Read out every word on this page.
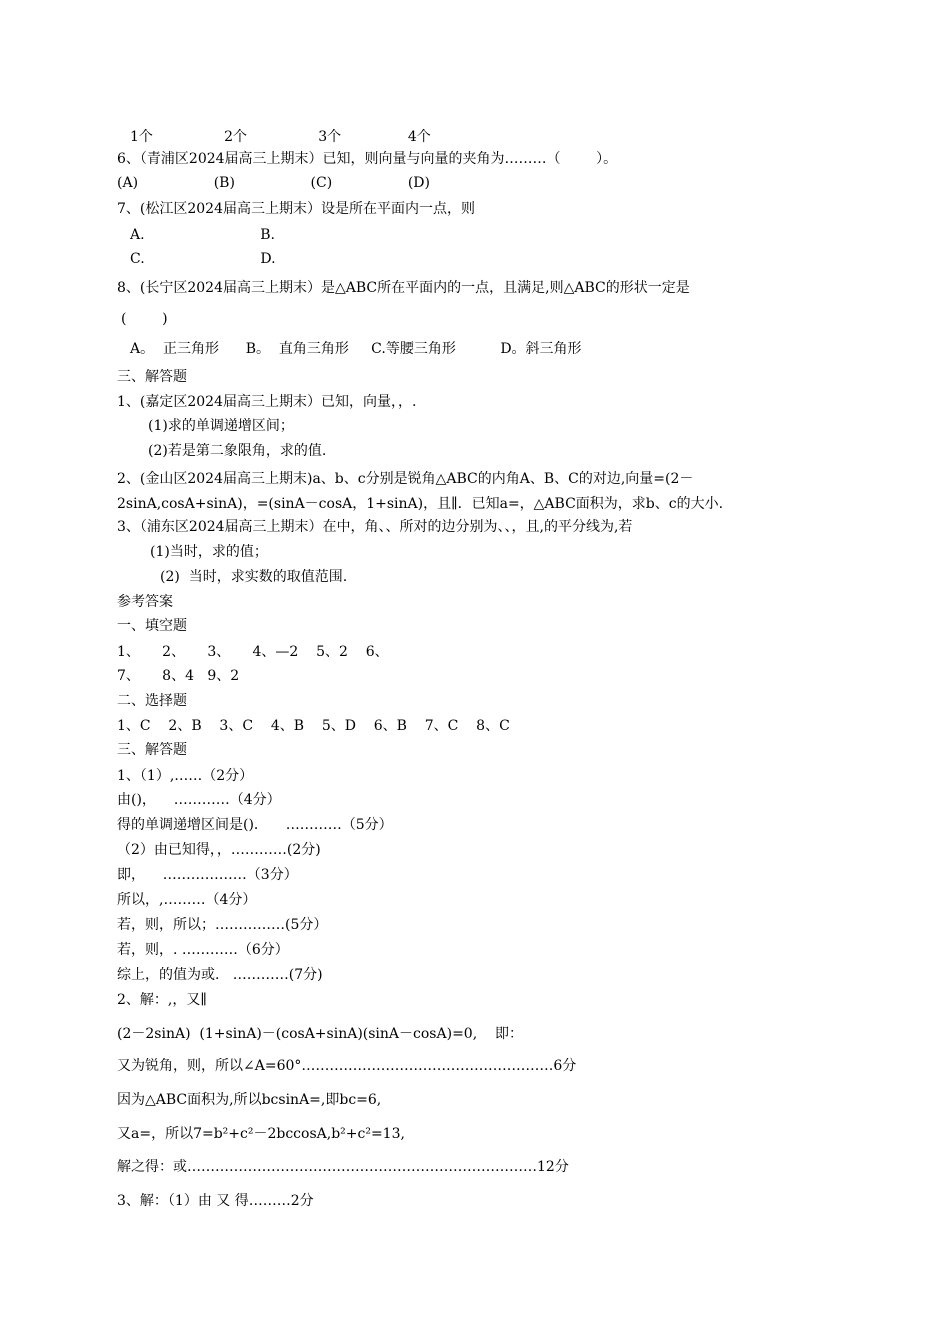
1个                2个                3个               4个
6、（青浦区2024届高三上期末）已知，则向量与向量的夹角为………（        ）。
(A)                 (B)                 (C)                 (D)
7、(松江区2024届高三上期末）设是所在平面内一点，则
A.                          B.
C.                          D.
8、(长宁区2024届高三上期末）是△ABC所在平面内的一点，且满足,则△ABC的形状一定是
(        )
A。  正三角形      B。  直角三角形     C.等腰三角形          D。斜三角形
三、解答题
1、(嘉定区2024届高三上期末）已知，向量，，.
(1)求的单调递增区间；
(2)若是第二象限角，求的值.
2、(金山区2024届高三上期末)a、b、c分别是锐角△ABC的内角A、B、C的对边,向量=(2－
2sinA,cosA+sinA)，=(sinA－cosA，1+sinA)，且∥．已知a=，△ABC面积为，求b、c的大小.
3、（浦东区2024届高三上期末）在中，角、、所对的边分别为、、，且,的平分线为,若
(1)当时，求的值；
(2)  当时，求实数的取值范围.
参考答案
一、填空题
1、     2、     3、     4、—2    5、2    6、
7、     8、4   9、2
二、选择题
1、C    2、B    3、C    4、B    5、D    6、B    7、C    8、C
三、解答题
1、（1）,……（2分）
由()，    …………（4分）
得的单调递增区间是()．    …………（5分）
（2）由已知得，，…………(2分)
即，    ………………（3分）
所以，,………（4分）
若，则，所以；……………(5分）
若，则，. …………（6分）
综上，的值为或.   …………(7分)
2、解：,，又∥
(2－2sinA)  (1+sinA)－(cosA+sinA)(sinA－cosA)=0,    即：
又为锐角，则，所以∠A=60°………………………………………………6分
因为△ABC面积为,所以bcsinA=,即bc=6,
又a=，所以7=b²+c²－2bccosA,b²+c²=13,
解之得：或…………………………………………………………………12分
3、解：（1）由 又 得………2分
